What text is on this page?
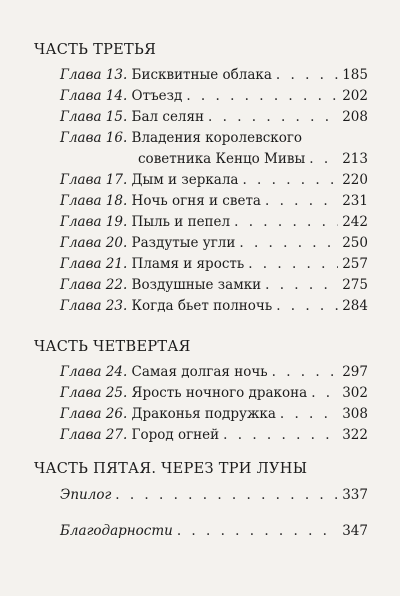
ЧАСТЬ ТРЕТЬЯ
Глава 13. Бисквитные облака . . .	185
Глава 14. Отъезд . . .	202
Глава 15. Бал селян . . .	208
Глава 16. Владения королевского
советника Кенцо Мивы . . .	213
Глава 17. Дым и зеркала . . .	220
Глава 18. Ночь огня и света . . .	231
Глава 19. Пыль и пепел . . .	242
Глава 20. Раздутые угли . . .	250
Глава 21. Пламя и ярость . . .	257
Глава 22. Воздушные замки . . .	275
Глава 23. Когда бьет полночь . . .	284
ЧАСТЬ ЧЕТВЕРТАЯ
Глава 24. Самая долгая ночь . . .	297
Глава 25. Ярость ночного дракона . . .	302
Глава 26. Драконья подружка . . .	308
Глава 27. Город огней . . .	322
ЧАСТЬ ПЯТАЯ. ЧЕРЕЗ ТРИ ЛУНЫ
Эпилог . . .	337
Благодарности . . .	347
